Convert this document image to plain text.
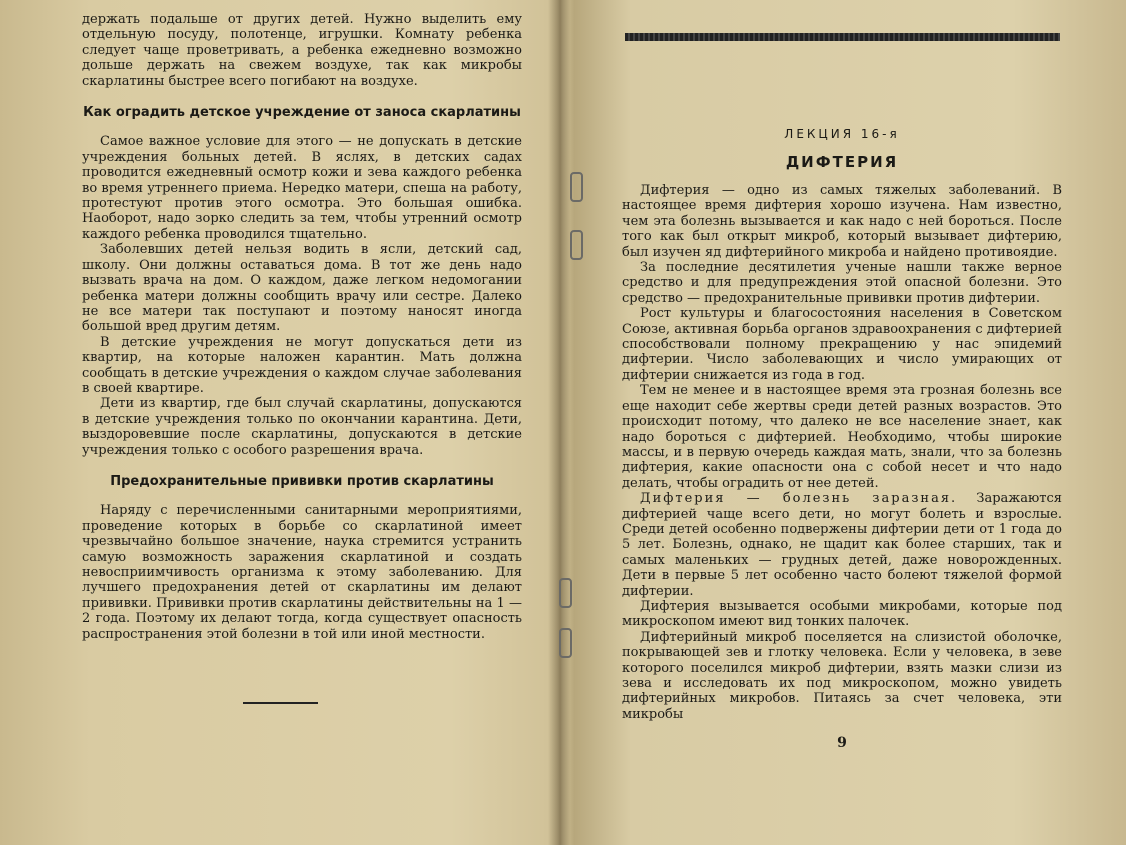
держать подальше от других детей. Нужно выделить ему отдельную посуду, полотенце, игрушки. Комнату ребенка следует чаще проветривать, а ребенка ежедневно возможно дольше держать на свежем воздухе, так как микробы скарлатины быстрее всего погибают на воздухе.

Как оградить детское учреждение от заноса скарлатины

Самое важное условие для этого — не допускать в детские учреждения больных детей. В яслях, в детских садах проводится ежедневный осмотр кожи и зева каждого ребенка во время утреннего приема. Нередко матери, спеша на работу, протестуют против этого осмотра. Это большая ошибка. Наоборот, надо зорко следить за тем, чтобы утренний осмотр каждого ребенка проводился тщательно.

Заболевших детей нельзя водить в ясли, детский сад, школу. Они должны оставаться дома. В тот же день надо вызвать врача на дом. О каждом, даже легком недомогании ребенка матери должны сообщить врачу или сестре. Далеко не все матери так поступают и поэтому наносят иногда большой вред другим детям.

В детские учреждения не могут допускаться дети из квартир, на которые наложен карантин. Мать должна сообщать в детские учреждения о каждом случае заболевания в своей квартире.

Дети из квартир, где был случай скарлатины, допускаются в детские учреждения только по окончании карантина. Дети, выздоровевшие после скарлатины, допускаются в детские учреждения только с особого разрешения врача.

Предохранительные прививки против скарлатины

Наряду с перечисленными санитарными мероприятиями, проведение которых в борьбе со скарлатиной имеет чрезвычайно большое значение, наука стремится устранить самую возможность заражения скарлатиной и создать невосприимчивость организма к этому заболеванию. Для лучшего предохранения детей от скарлатины им делают прививки. Прививки против скарлатины действительны на 1 — 2 года. Поэтому их делают тогда, когда существует опасность распространения этой болезни в той или иной местности.

ЛЕКЦИЯ 16-я
ДИФТЕРИЯ

Дифтерия — одно из самых тяжелых заболеваний. В настоящее время дифтерия хорошо изучена. Нам известно, чем эта болезнь вызывается и как надо с ней бороться. После того как был открыт микроб, который вызывает дифтерию, был изучен яд дифтерийного микроба и найдено противоядие.

За последние десятилетия ученые нашли также верное средство и для предупреждения этой опасной болезни. Это средство — предохранительные прививки против дифтерии.

Рост культуры и благосостояния населения в Советском Союзе, активная борьба органов здравоохранения с дифтерией способствовали полному прекращению у нас эпидемий дифтерии. Число заболевающих и число умирающих от дифтерии снижается из года в год.

Тем не менее и в настоящее время эта грозная болезнь все еще находит себе жертвы среди детей разных возрастов. Это происходит потому, что далеко не все население знает, как надо бороться с дифтерией. Необходимо, чтобы широкие массы, и в первую очередь каждая мать, знали, что за болезнь дифтерия, какие опасности она с собой несет и что надо делать, чтобы оградить от нее детей.

Дифтерия — болезнь заразная. Заражаются дифтерией чаще всего дети, но могут болеть и взрослые. Среди детей особенно подвержены дифтерии дети от 1 года до 5 лет. Болезнь, однако, не щадит как более старших, так и самых маленьких — грудных детей, даже новорожденных. Дети в первые 5 лет особенно часто болеют тяжелой формой дифтерии.

Дифтерия вызывается особыми микробами, которые под микроскопом имеют вид тонких палочек.

Дифтерийный микроб поселяется на слизистой оболочке, покрывающей зев и глотку человека. Если у человека, в зеве которого поселился микроб дифтерии, взять мазки слизи из зева и исследовать их под микроскопом, можно увидеть дифтерийных микробов. Питаясь за счет человека, эти микробы

9
